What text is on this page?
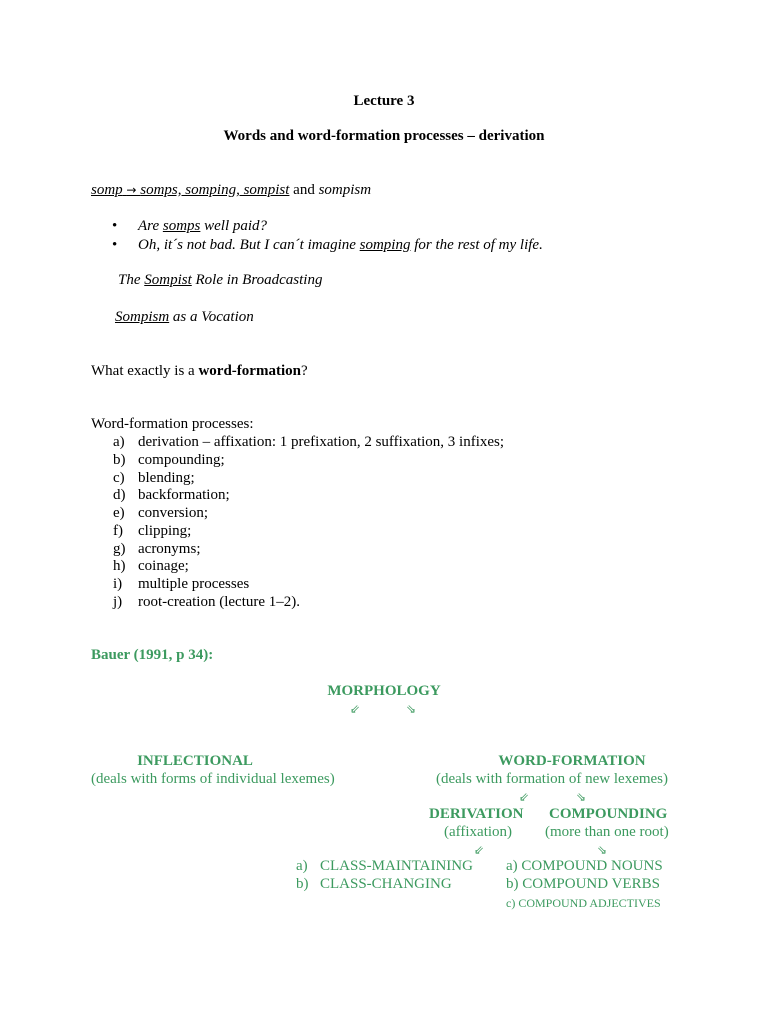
Lecture 3
Words and word-formation processes – derivation
somp → somps, somping, sompist and sompism
•	Are somps well paid?
•	Oh, it´s not bad. But I can´t imagine somping for the rest of my life.
The Sompist Role in Broadcasting
Sompism as a Vocation
What exactly is a word-formation?
Word-formation processes:
a) derivation – affixation: 1 prefixation, 2 suffixation, 3 infixes;
b) compounding;
c) blending;
d) backformation;
e) conversion;
f)	clipping;
g) acronyms;
h) coinage;
i)	multiple processes
j)	root-creation (lecture 1–2).
Bauer (1991, p 34):
MORPHOLOGY
⇙	⇘
INFLECTIONAL
(deals with forms of individual lexemes)
WORD-FORMATION
(deals with formation of new lexemes)
⇙	⇘
DERIVATION COMPOUNDING
(affixation) (more than one root)
⇙	⇘
a) CLASS-MAINTAINING
b) CLASS-CHANGING
a) COMPOUND NOUNS
b) COMPOUND VERBS
c) COMPOUND ADJECTIVES
